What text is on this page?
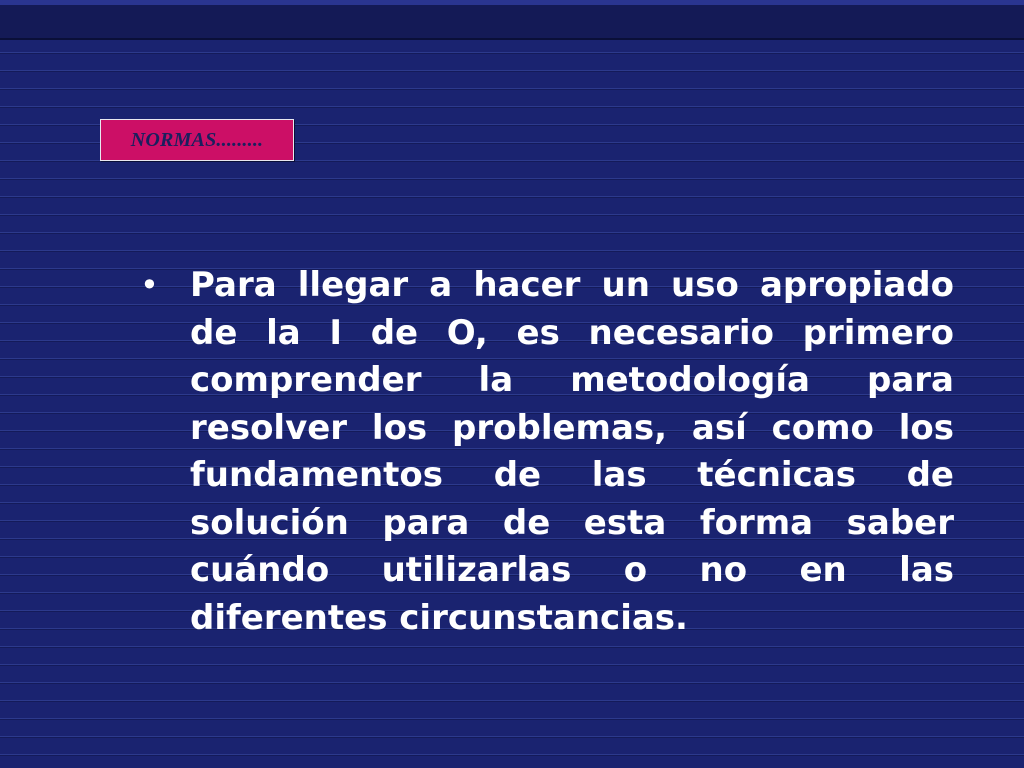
NORMAS.........
• Para llegar a hacer un uso apropiado de la I de O, es necesario primero comprender la metodología para resolver los problemas, así como los fundamentos de las técnicas de solución para de esta forma saber cuándo utilizarlas o no en las diferentes circunstancias.
